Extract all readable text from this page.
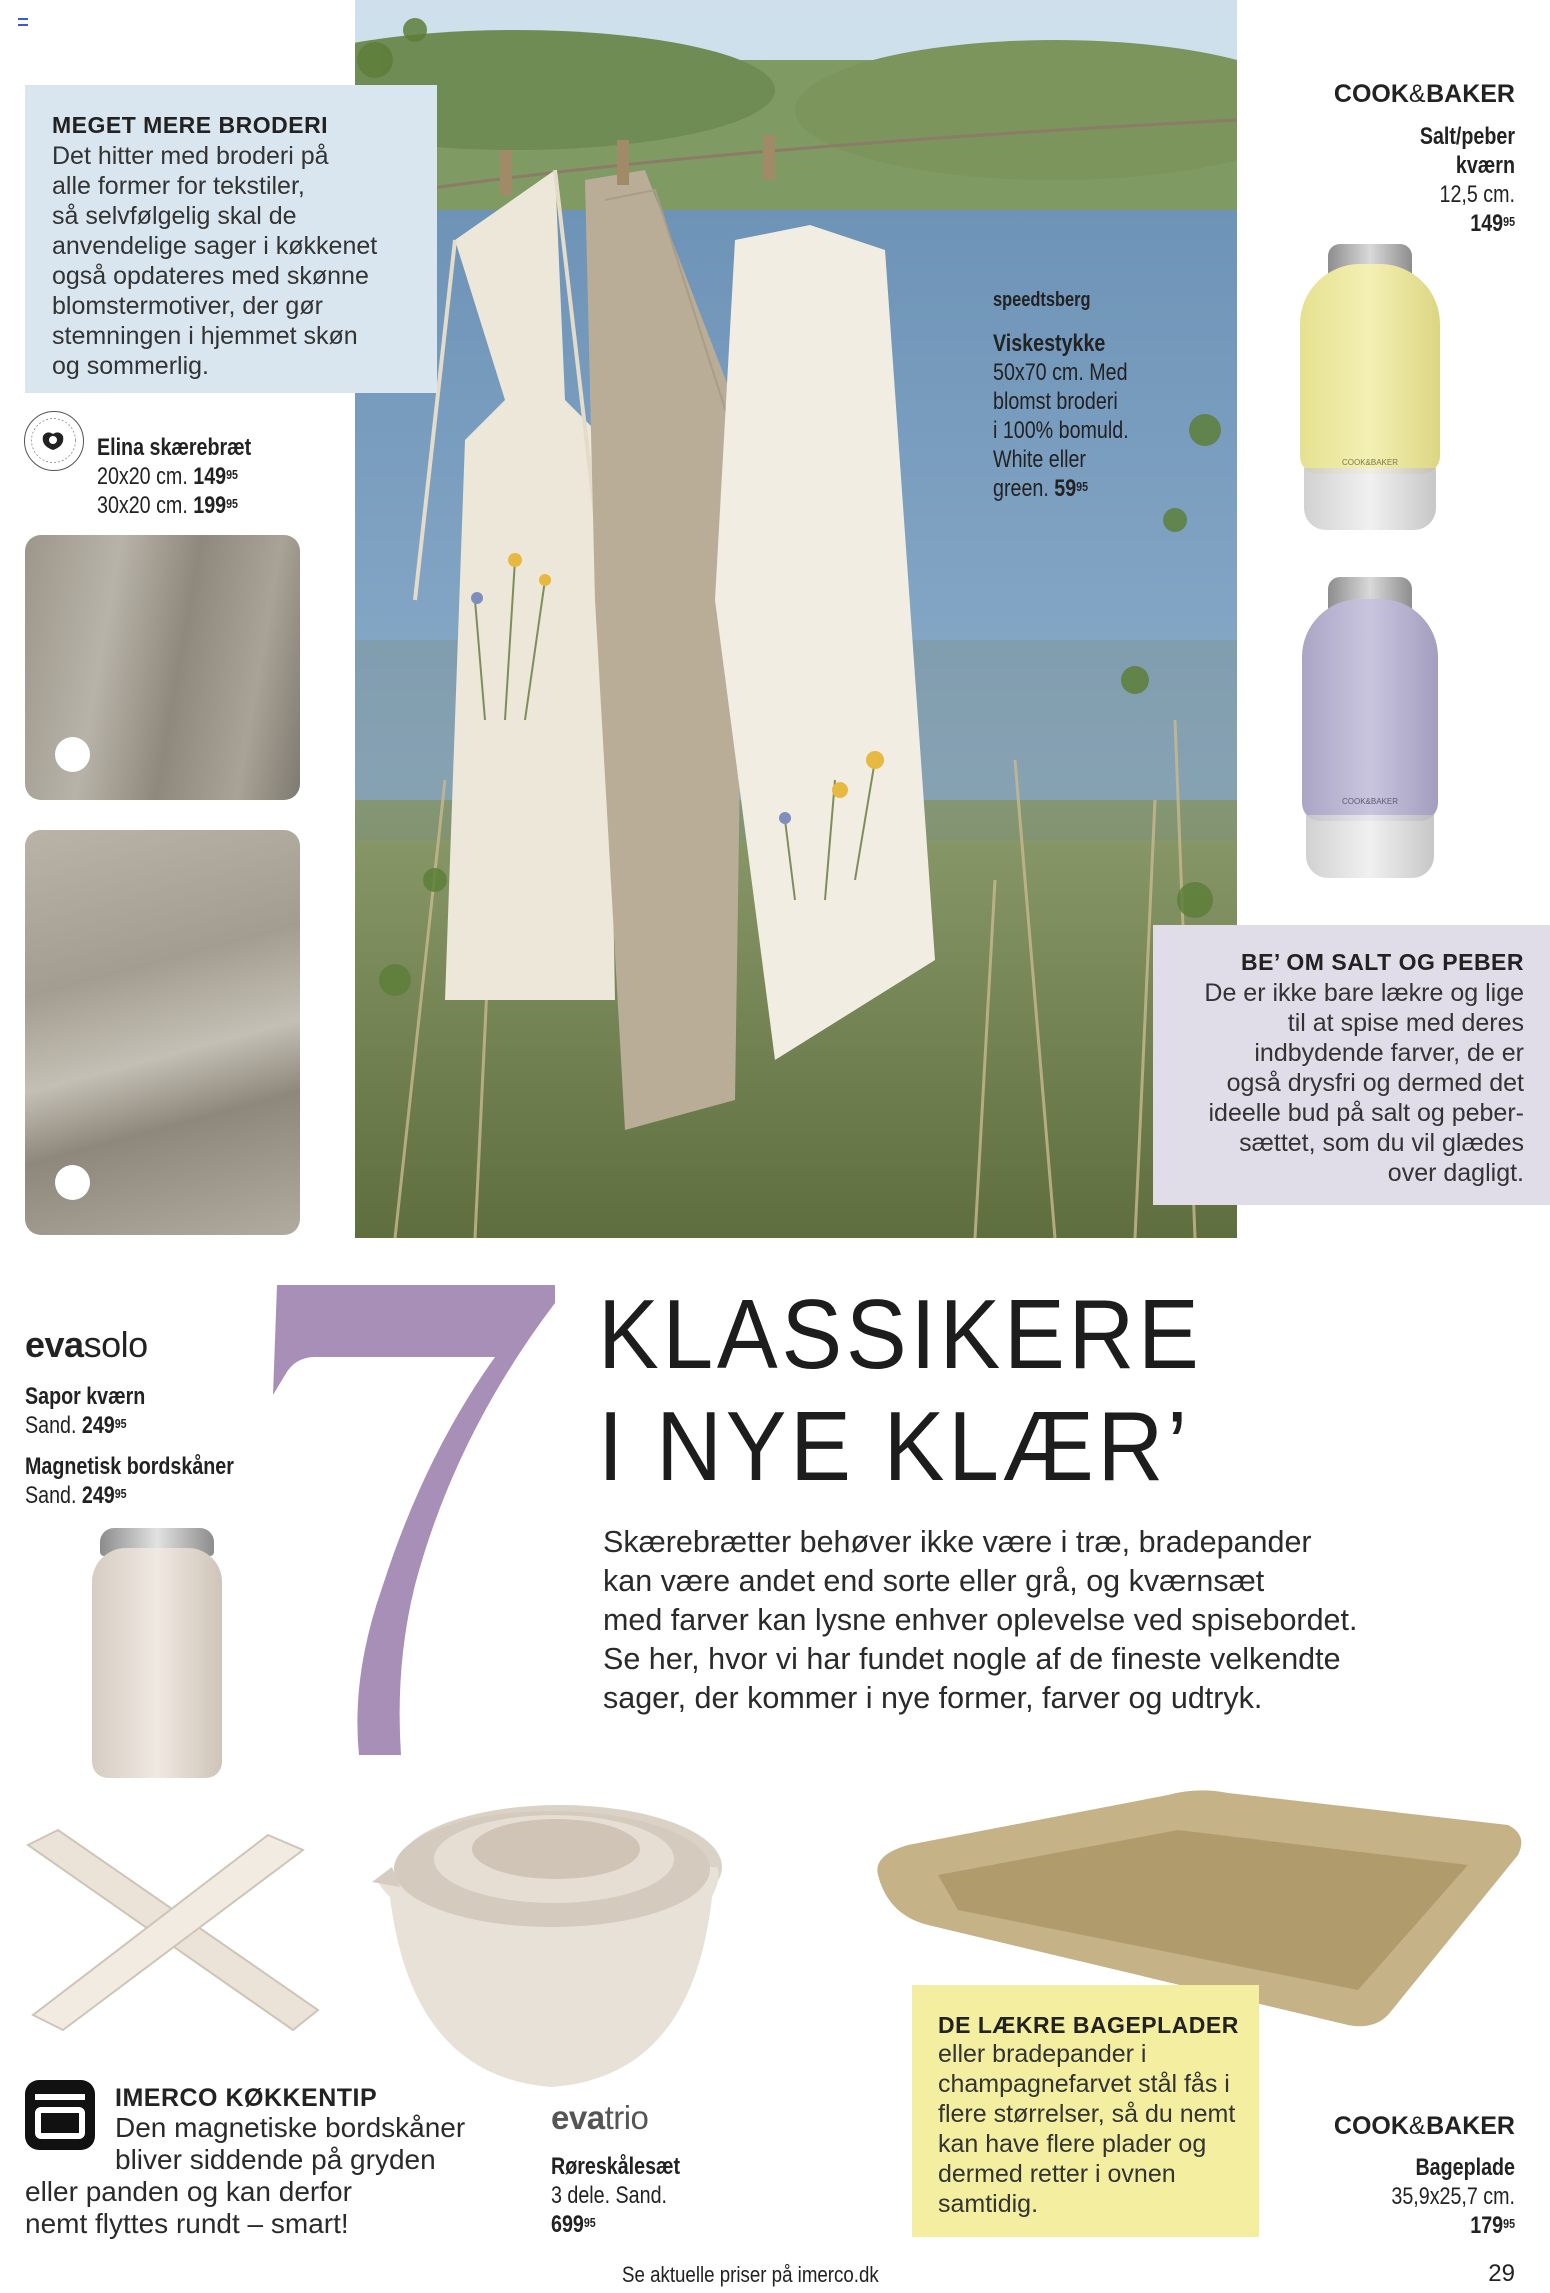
MEGET MERE BRODERI
Det hitter med broderi på
alle former for tekstiler,
så selvfølgelig skal de
anvendelige sager i køkkenet
også opdateres med skønne
blomstermotiver, der gør
stemningen i hjemmet skøn
og sommerlig.
Elina skærebræt
20x20 cm. $149^{95}$
30x20 cm. $199^{95}$
speedtsberg
Viskestykke
50x70 cm. Med
blomst broderi
i 100% bomuld.
White eller
green. $59^{95}$
COOK&BAKER
Salt/peber
kværn
12,5 cm.
$149^{95}$
COOK&BAKER
COOK&BAKER
BE’ OM SALT OG PEBER
De er ikke bare lækre og lige
til at spise med deres
indbydende farver, de er
også drysfri og dermed det
ideelle bud på salt og peber-
sættet, som du vil glædes
over dagligt.
evasolo
Sapor kværn
Sand. $249^{95}$
Magnetisk bordskåner
Sand. $249^{95}$
KLASSIKERE
I NYE KLÆR’
Skærebrætter behøver ikke være i træ, bradepander
kan være andet end sorte eller grå, og kværnsæt
med farver kan lysne enhver oplevelse ved spisebordet.
Se her, hvor vi har fundet nogle af de fineste velkendte
sager, der kommer i nye former, farver og udtryk.
IMERCO KØKKENTIP
Den magnetiske bordskåner
bliver siddende på gryden
eller panden og kan derfor
nemt flyttes rundt – smart!
evatrio
Røreskålesæt
3 dele. Sand.
$699^{95}$
DE LÆKRE BAGEPLADER
eller bradepander i
champagnefarvet stål fås i
flere størrelser, så du nemt
kan have flere plader og
dermed retter i ovnen
samtidig.
COOK&BAKER
Bageplade
35,9x25,7 cm.
$179^{95}$
Se aktuelle priser på imerco.dk	29
